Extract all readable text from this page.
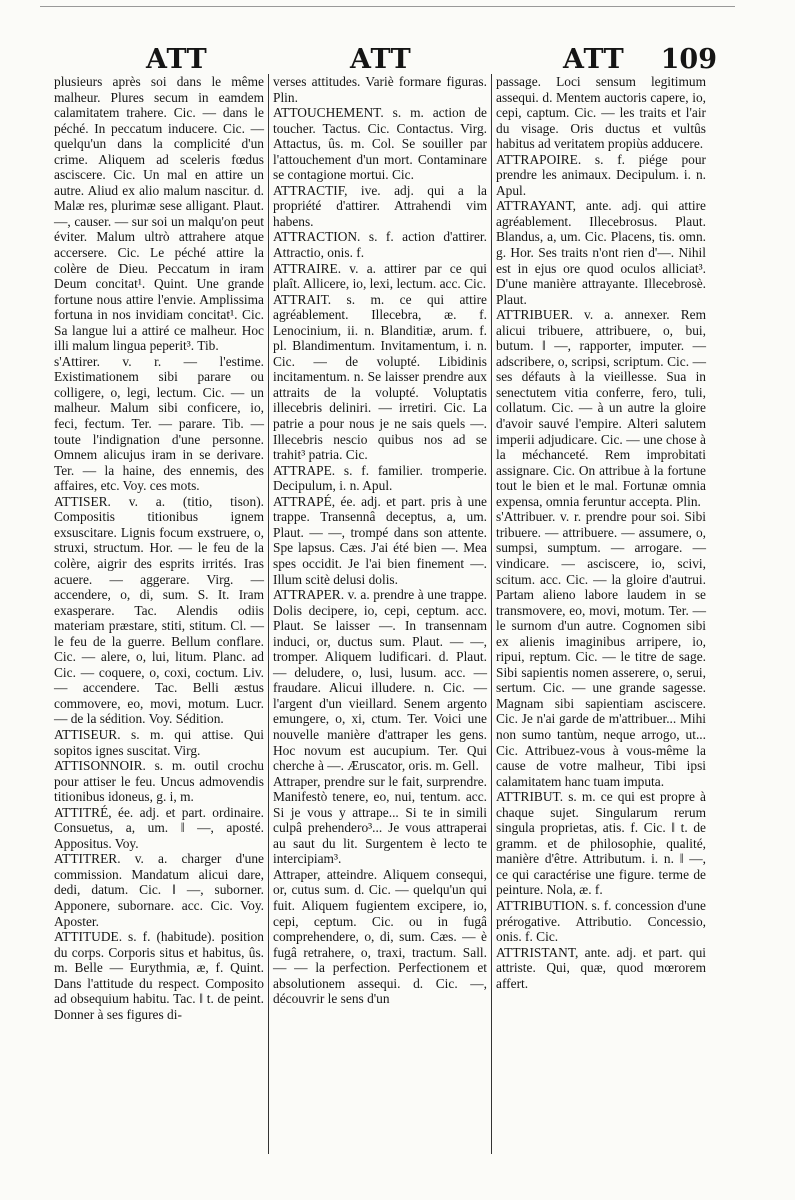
ATT	ATT	ATT 109

plusieurs après soi dans le même malheur. Plures secum in eamdem calamitatem trahere. Cic. — dans le péché. In peccatum inducere. Cic. — quelqu'un dans la complicité d'un crime. Aliquem ad sceleris fœdus asciscere. Cic. Un mal en attire un autre. Aliud ex alio malum nascitur. d. Malæ res, plurimæ sese alligant. Plaut. —, causer. — sur soi un malqu'on peut éviter. Malum ultrò attrahere atque accersere. Cic. Le péché attire la colère de Dieu. Peccatum in iram Deum concitat¹. Quint. Une grande fortune nous attire l'envie. Amplissima fortuna in nos invidiam concitat¹. Cic. Sa langue lui a attiré ce malheur. Hoc illi malum lingua peperit³. Tib.

s'Attirer. v. r. — l'estime. Existimationem sibi parare ou colligere, o, legi, lectum. Cic. — un malheur. Malum sibi conficere, io, feci, fectum. Ter. — parare. Tib. — toute l'indignation d'une personne. Omnem alicujus iram in se derivare. Ter. — la haine, des ennemis, des affaires, etc. Voy. ces mots.

ATTISER. v. a. (titio, tison). Compositis titionibus ignem exsuscitare. Lignis focum exstruere, o, struxi, structum. Hor. — le feu de la colère, aigrir des esprits irrités. Iras acuere. — aggerare. Virg. — accendere, o, di, sum. S. It. Iram exasperare. Tac. Alendis odiis materiam præstare, stiti, stitum. Cl. — le feu de la guerre. Bellum conflare. Cic. — alere, o, lui, litum. Planc. ad Cic. — coquere, o, coxi, coctum. Liv. — accendere. Tac. Belli æstus commovere, eo, movi, motum. Lucr. — de la sédition. Voy. Sédition.

ATTISEUR. s. m. qui attise. Qui sopitos ignes suscitat. Virg.

ATTISONNOIR. s. m. outil crochu pour attiser le feu. Uncus admovendis titionibus idoneus, g. i, m.

ATTITRÉ, ée. adj. et part. ordinaire. Consuetus, a, um. ‖ —, aposté. Appositus. Voy.

ATTITRER. v. a. charger d'une commission. Mandatum alicui dare, dedi, datum. Cic. ‖ —, suborner. Apponere, subornare. acc. Cic. Voy. Aposter.

ATTITUDE. s. f. (habitude). position du corps. Corporis situs et habitus, ûs. m. Belle — Eurythmia, æ, f. Quint. Dans l'attitude du respect. Composito ad obsequium habitu. Tac. ‖ t. de peint. Donner à ses figures di-

verses attitudes. Variè formare figuras. Plin.

ATTOUCHEMENT. s. m. action de toucher. Tactus. Cic. Contactus. Virg. Attactus, ûs. m. Col. Se souiller par l'attouchement d'un mort. Contaminare se contagione mortui. Cic.

ATTRACTIF, ive. adj. qui a la propriété d'attirer. Attrahendi vim habens.

ATTRACTION. s. f. action d'attirer. Attractio, onis. f.

ATTRAIRE. v. a. attirer par ce qui plaît. Allicere, io, lexi, lectum. acc. Cic.

ATTRAIT. s. m. ce qui attire agréablement. Illecebra, æ. f. Lenocinium, ii. n. Blanditiæ, arum. f. pl. Blandimentum. Invitamentum, i. n. Cic. — de volupté. Libidinis incitamentum. n. Se laisser prendre aux attraits de la volupté. Voluptatis illecebris deliniri. — irretiri. Cic. La patrie a pour nous je ne sais quels —. Illecebris nescio quibus nos ad se trahit³ patria. Cic.

ATTRAPE. s. f. familier. tromperie. Decipulum, i. n. Apul.

ATTRAPÉ, ée. adj. et part. pris à une trappe. Transennâ deceptus, a, um. Plaut. — —, trompé dans son attente. Spe lapsus. Cæs. J'ai été bien —. Mea spes occidit. Je l'ai bien finement —. Illum scitè delusi dolis.

ATTRAPER. v. a. prendre à une trappe. Dolis decipere, io, cepi, ceptum. acc. Plaut. Se laisser —. In transennam induci, or, ductus sum. Plaut. — —, tromper. Aliquem ludificari. d. Plaut. — deludere, o, lusi, lusum. acc. — fraudare. Alicui illudere. n. Cic. — l'argent d'un vieillard. Senem argento emungere, o, xi, ctum. Ter. Voici une nouvelle manière d'attraper les gens. Hoc novum est aucupium. Ter. Qui cherche à —. Æruscator, oris. m. Gell.

Attraper, prendre sur le fait, surprendre. Manifestò tenere, eo, nui, tentum. acc. Si je vous y attrape... Si te in simili culpâ prehendero³... Je vous attraperai au saut du lit. Surgentem è lecto te intercipiam³.

Attraper, atteindre. Aliquem consequi, or, cutus sum. d. Cic. — quelqu'un qui fuit. Aliquem fugientem excipere, io, cepi, ceptum. Cic. ou in fugâ comprehendere, o, di, sum. Cæs. — è fugâ retrahere, o, traxi, tractum. Sall. — — la perfection. Perfectionem et absolutionem assequi. d. Cic. —, découvrir le sens d'un

passage. Loci sensum legitimum assequi. d. Mentem auctoris capere, io, cepi, captum. Cic. — les traits et l'air du visage. Oris ductus et vultûs habitus ad veritatem propiùs adducere.

ATTRAPOIRE. s. f. piége pour prendre les animaux. Decipulum. i. n. Apul.

ATTRAYANT, ante. adj. qui attire agréablement. Illecebrosus. Plaut. Blandus, a, um. Cic. Placens, tis. omn. g. Hor. Ses traits n'ont rien d'—. Nihil est in ejus ore quod oculos alliciat³. D'une manière attrayante. Illecebrosè. Plaut.

ATTRIBUER. v. a. annexer. Rem alicui tribuere, attribuere, o, bui, butum. ‖ —, rapporter, imputer. — adscribere, o, scripsi, scriptum. Cic. — ses défauts à la vieillesse. Sua in senectutem vitia conferre, fero, tuli, collatum. Cic. — à un autre la gloire d'avoir sauvé l'empire. Alteri salutem imperii adjudicare. Cic. — une chose à la méchanceté. Rem improbitati assignare. Cic. On attribue à la fortune tout le bien et le mal. Fortunæ omnia expensa, omnia feruntur accepta. Plin.

s'Attribuer. v. r. prendre pour soi. Sibi tribuere. — attribuere. — assumere, o, sumpsi, sumptum. — arrogare. — vindicare. — asciscere, io, scivi, scitum. acc. Cic. — la gloire d'autrui. Partam alieno labore laudem in se transmovere, eo, movi, motum. Ter. — le surnom d'un autre. Cognomen sibi ex alienis imaginibus arripere, io, ripui, reptum. Cic. — le titre de sage. Sibi sapientis nomen asserere, o, serui, sertum. Cic. — une grande sagesse. Magnam sibi sapientiam asciscere. Cic. Je n'ai garde de m'attribuer... Mihi non sumo tantùm, neque arrogo, ut... Cic. Attribuez-vous à vous-même la cause de votre malheur, Tibi ipsi calamitatem hanc tuam imputa.

ATTRIBUT. s. m. ce qui est propre à chaque sujet. Singularum rerum singula proprietas, atis. f. Cic. ‖ t. de gramm. et de philosophie, qualité, manière d'être. Attributum. i. n. ‖ —, ce qui caractérise une figure. terme de peinture. Nola, æ. f.

ATTRIBUTION. s. f. concession d'une prérogative. Attributio. Concessio, onis. f. Cic.

ATTRISTANT, ante. adj. et part. qui attriste. Qui, quæ, quod mœrorem affert.
